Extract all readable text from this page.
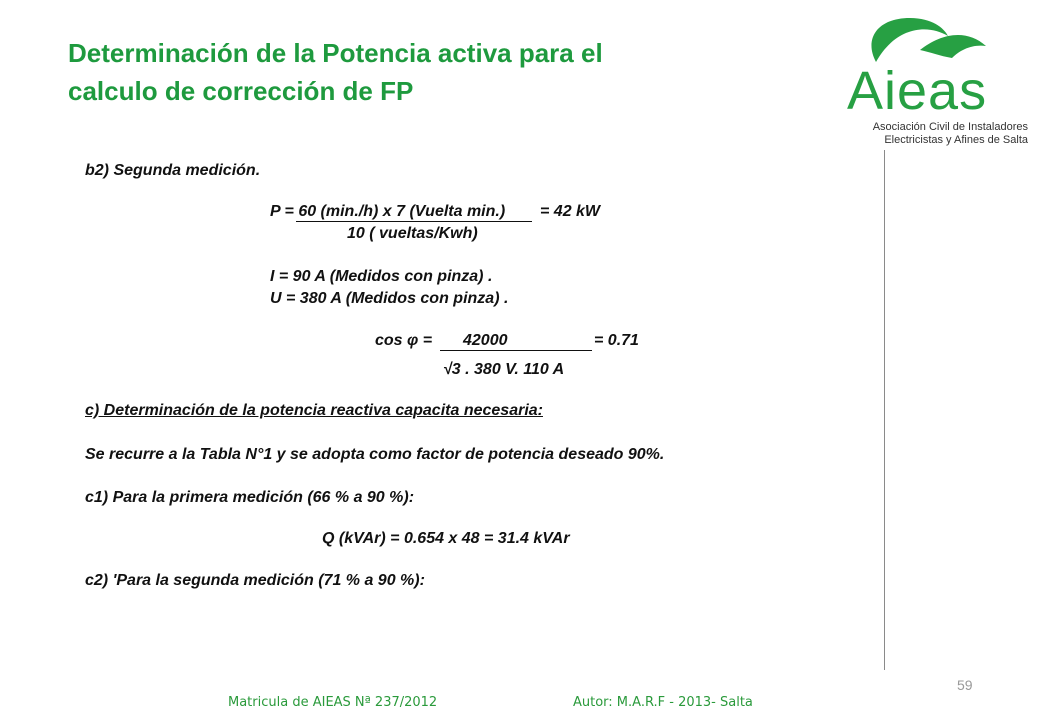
Determinación de la Potencia activa para el
calculo de corrección de FP	Aieas
Asociación Civil de Instaladores
Electricistas y Afines de Salta
b2) Segunda medición.
P = 60 (min./h) x 7 (Vuelta min.) = 42 kW
10 ( vueltas/Kwh)
I = 90 A (Medidos con pinza) .
U = 380 A (Medidos con pinza) .
cos φ = 42000	= 0.71
√3 . 380 V. 110 A
c) Determinación de la potencia reactiva capacita necesaria:
Se recurre a la Tabla N°1 y se adopta como factor de potencia deseado 90%.
c1) Para la primera medición (66 % a 90 %):
Q (kVAr) = 0.654 x 48 = 31.4 kVAr
c2) 'Para la segunda medición (71 % a 90 %):
59
Matricula de AIEAS Nª 237/2012	Autor: M.A.R.F - 2013- Salta
